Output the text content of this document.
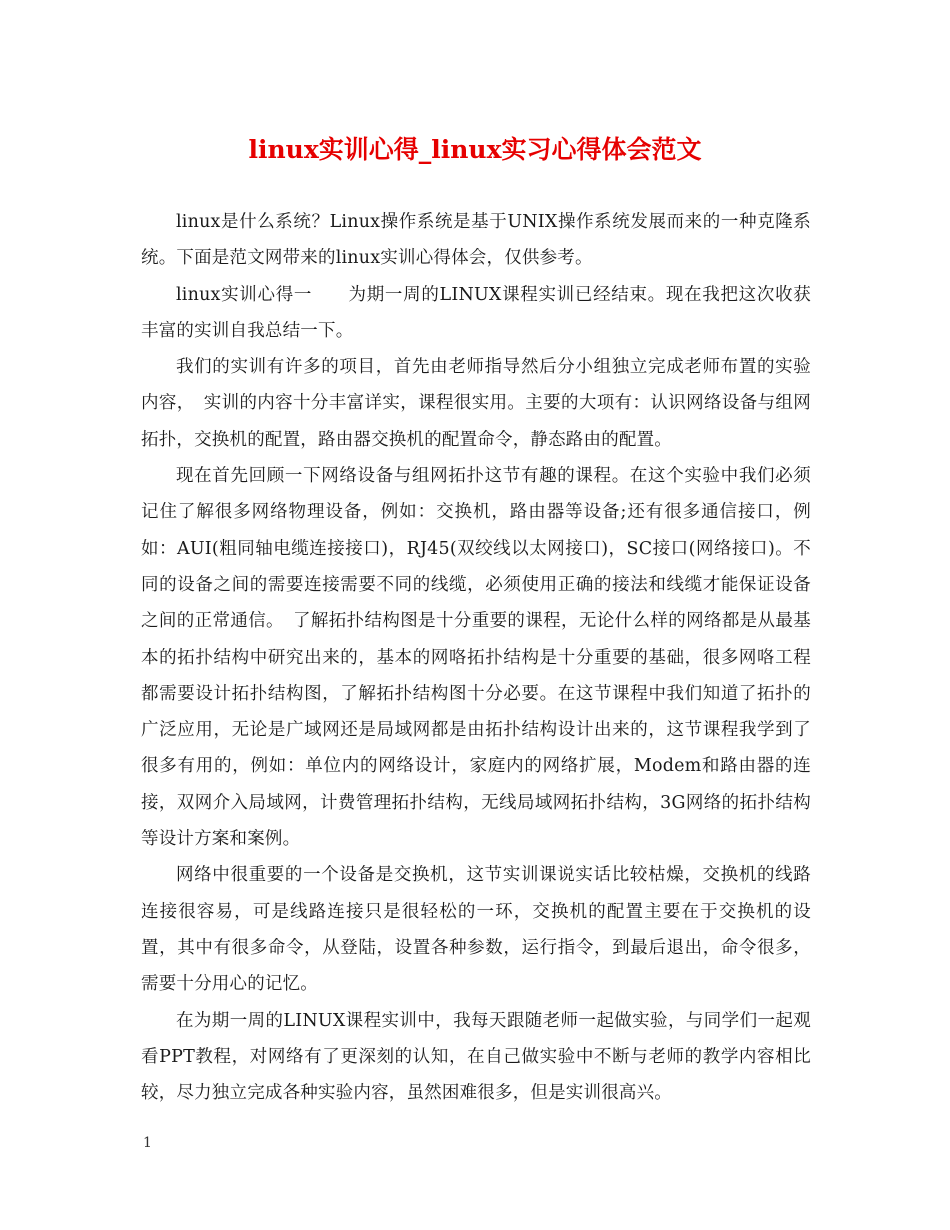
linux实训心得_linux实习心得体会范文

linux是什么系统？Linux操作系统是基于UNIX操作系统发展而来的一种克隆系统。下面是范文网带来的linux实训心得体会，仅供参考。

linux实训心得一　　为期一周的LINUX课程实训已经结束。现在我把这次收获丰富的实训自我总结一下。

我们的实训有许多的项目，首先由老师指导然后分小组独立完成老师布置的实验内容，　实训的内容十分丰富详实，课程很实用。主要的大项有：认识网络设备与组网拓扑，交换机的配置，路由器交换机的配置命令，静态路由的配置。

现在首先回顾一下网络设备与组网拓扑这节有趣的课程。在这个实验中我们必须记住了解很多网络物理设备，例如：交换机，路由器等设备;还有很多通信接口，例如：AUI(粗同轴电缆连接接口)，RJ45(双绞线以太网接口)，SC接口(网络接口)。不同的设备之间的需要连接需要不同的线缆，必须使用正确的接法和线缆才能保证设备之间的正常通信。　了解拓扑结构图是十分重要的课程，无论什么样的网络都是从最基本的拓扑结构中研究出来的，基本的网咯拓扑结构是十分重要的基础，很多网咯工程都需要设计拓扑结构图，了解拓扑结构图十分必要。在这节课程中我们知道了拓扑的广泛应用，无论是广域网还是局域网都是由拓扑结构设计出来的，这节课程我学到了很多有用的，例如：单位内的网络设计，家庭内的网络扩展，Modem和路由器的连接，双网介入局域网，计费管理拓扑结构，无线局域网拓扑结构，3G网络的拓扑结构等设计方案和案例。

网络中很重要的一个设备是交换机，这节实训课说实话比较枯燥，交换机的线路连接很容易，可是线路连接只是很轻松的一环，交换机的配置主要在于交换机的设置，其中有很多命令，从登陆，设置各种参数，运行指令，到最后退出，命令很多，需要十分用心的记忆。

在为期一周的LINUX课程实训中，我每天跟随老师一起做实验，与同学们一起观看PPT教程，对网络有了更深刻的认知，在自己做实验中不断与老师的教学内容相比较，尽力独立完成各种实验内容，虽然困难很多，但是实训很高兴。

1
